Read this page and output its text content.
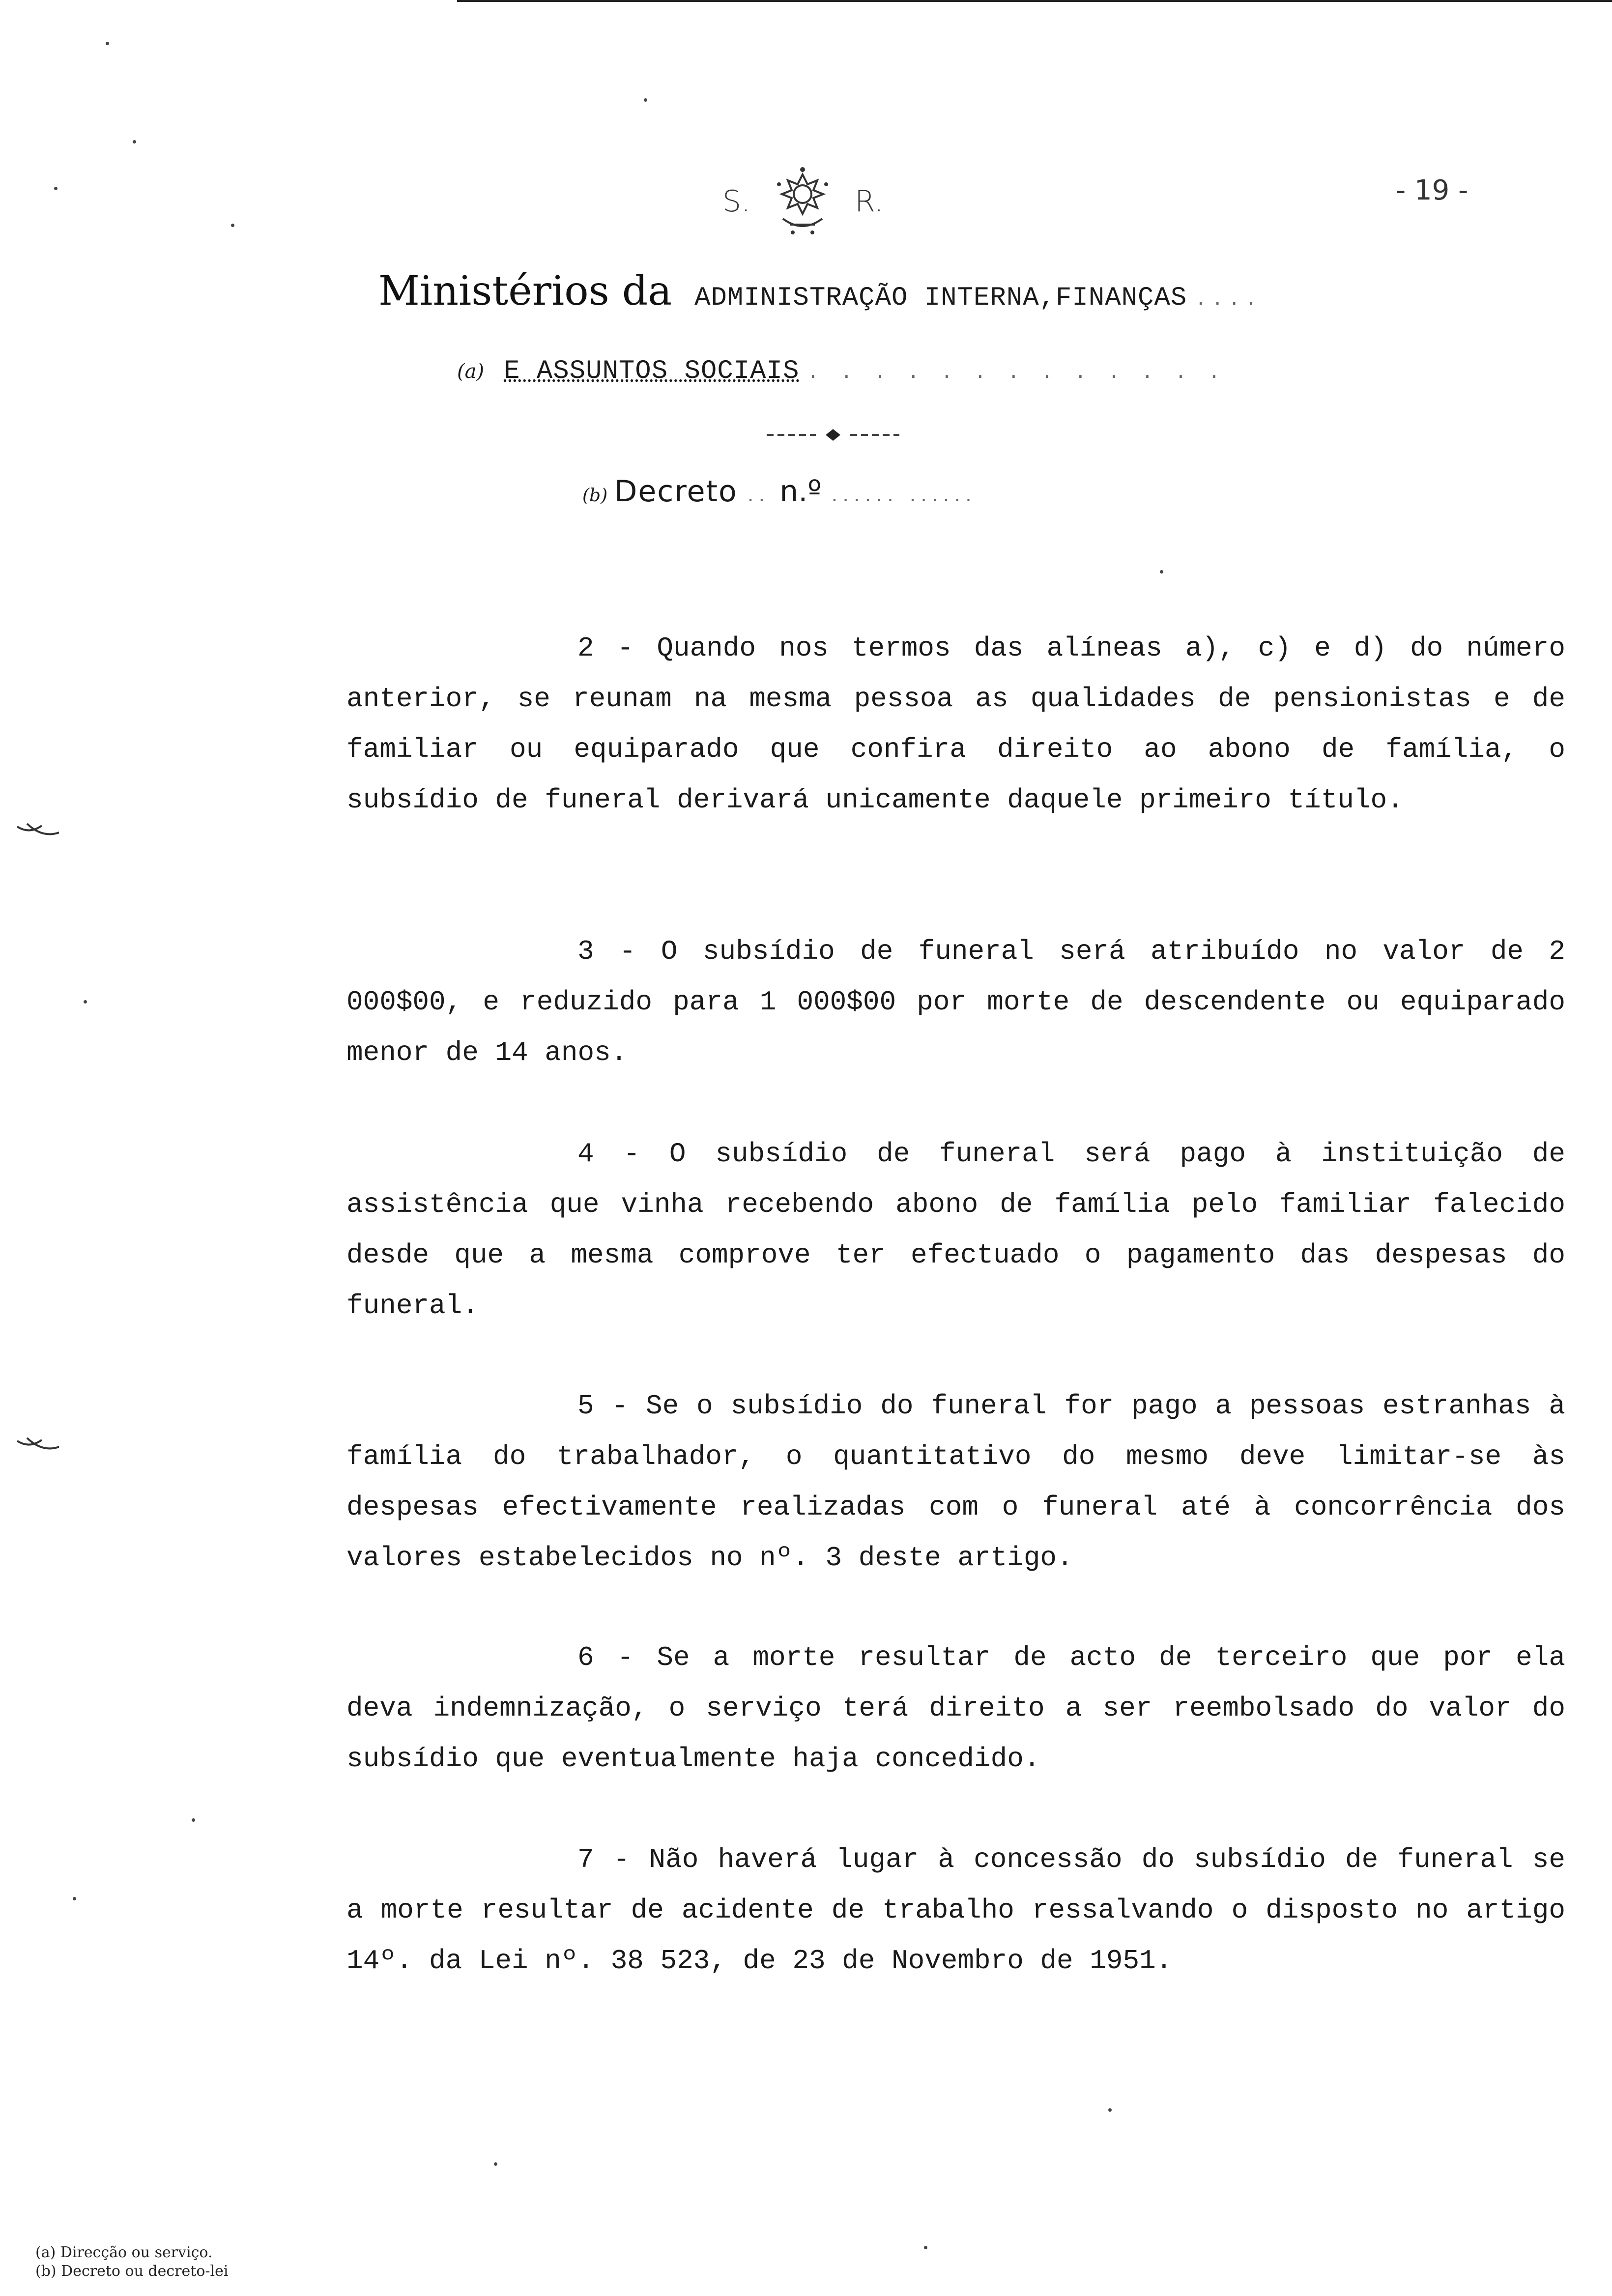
S.	R.	- 19 -
Ministérios da ADMINISTRAÇÃO INTERNA,FINANÇAS ....
(a) E ASSUNTOS SOCIAIS . . . . . . . . . . . . .
(b) Decreto .. n.º ...... ......

2 - Quando nos termos das alíneas a), c) e d) do número anterior, se reunam na mesma pessoa as qualidades de pensionistas e de familiar ou equiparado que confira direito ao abono de família, o subsídio de funeral derivará unicamente daquele primeiro título.

3 - O subsídio de funeral será atribuído no valor de 2 000$00, e reduzido para 1 000$00 por morte de descendente ou equiparado menor de 14 anos.

4 - O subsídio de funeral será pago à instituição de assistência que vinha recebendo abono de família pelo familiar falecido desde que a mesma comprove ter efectuado o pagamento das despesas do funeral.

5 - Se o subsídio do funeral for pago a pessoas estranhas à família do trabalhador, o quantitativo do mesmo deve limitar-se às despesas efectivamente realizadas com o funeral até à concorrência dos valores estabelecidos no nº. 3 deste artigo.

6 - Se a morte resultar de acto de terceiro que por ela deva indemnização, o serviço terá direito a ser reembolsado do valor do subsídio que eventualmente haja concedido.

7 - Não haverá lugar à concessão do subsídio de funeral se a morte resultar de acidente de trabalho ressalvando o disposto no artigo 14º. da Lei nº. 38 523, de 23 de Novembro de 1951.

(a) Direcção ou serviço.
(b) Decreto ou decreto-lei
